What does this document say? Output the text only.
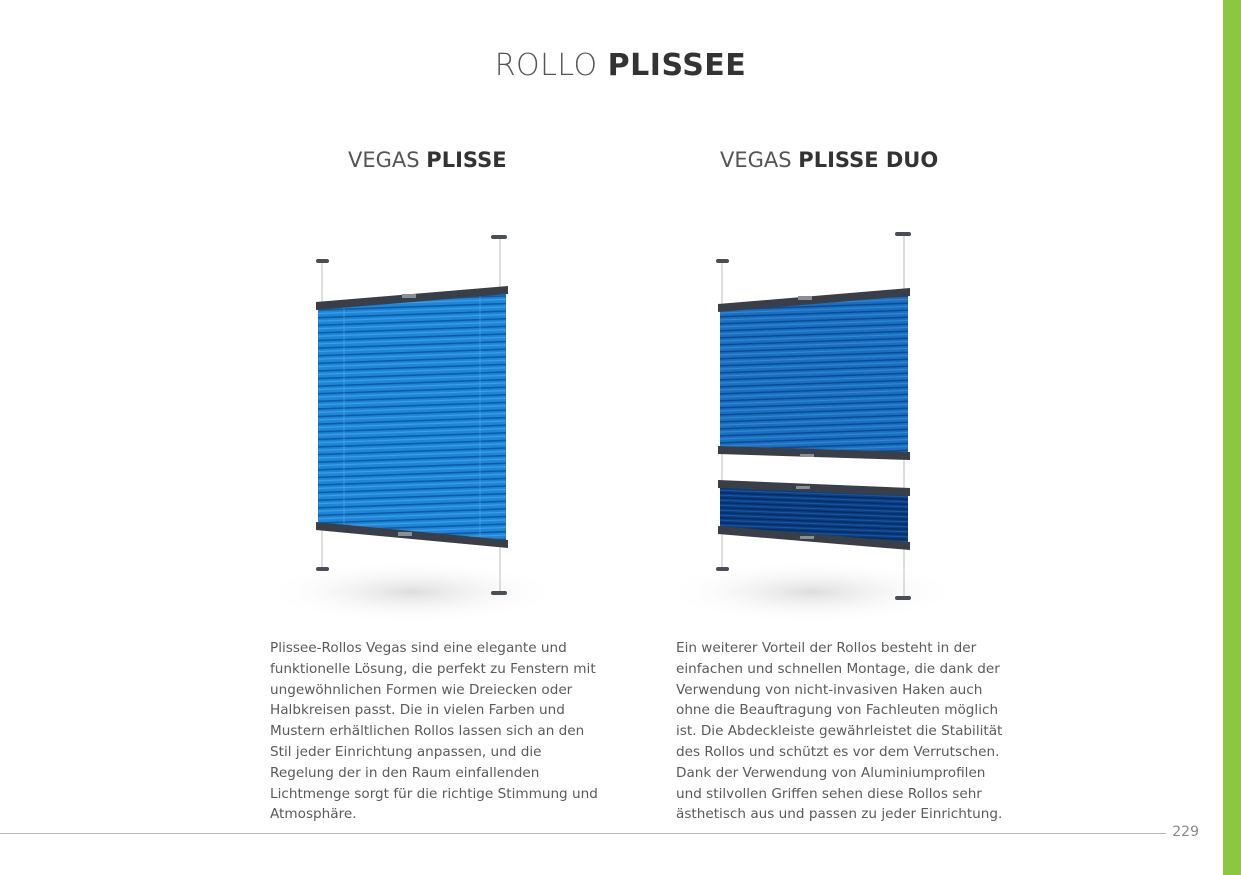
ROLLO PLISSEE
VEGAS PLISSE	VEGAS PLISSE DUO

Plissee-Rollos Vegas sind eine elegante und funktionelle Lösung, die perfekt zu Fenstern mit ungewöhnlichen Formen wie Dreiecken oder Halbkreisen passt. Die in vielen Farben und Mustern erhältlichen Rollos lassen sich an den Stil jeder Einrichtung anpassen, und die Regelung der in den Raum einfallenden Lichtmenge sorgt für die richtige Stimmung und Atmosphäre.

Ein weiterer Vorteil der Rollos besteht in der einfachen und schnellen Montage, die dank der Verwendung von nicht-invasiven Haken auch ohne die Beauftragung von Fachleuten möglich ist. Die Abdeckleiste gewährleistet die Stabilität des Rollos und schützt es vor dem Verrutschen. Dank der Verwendung von Aluminiumprofilen und stilvollen Griffen sehen diese Rollos sehr ästhetisch aus und passen zu jeder Einrichtung.

229
